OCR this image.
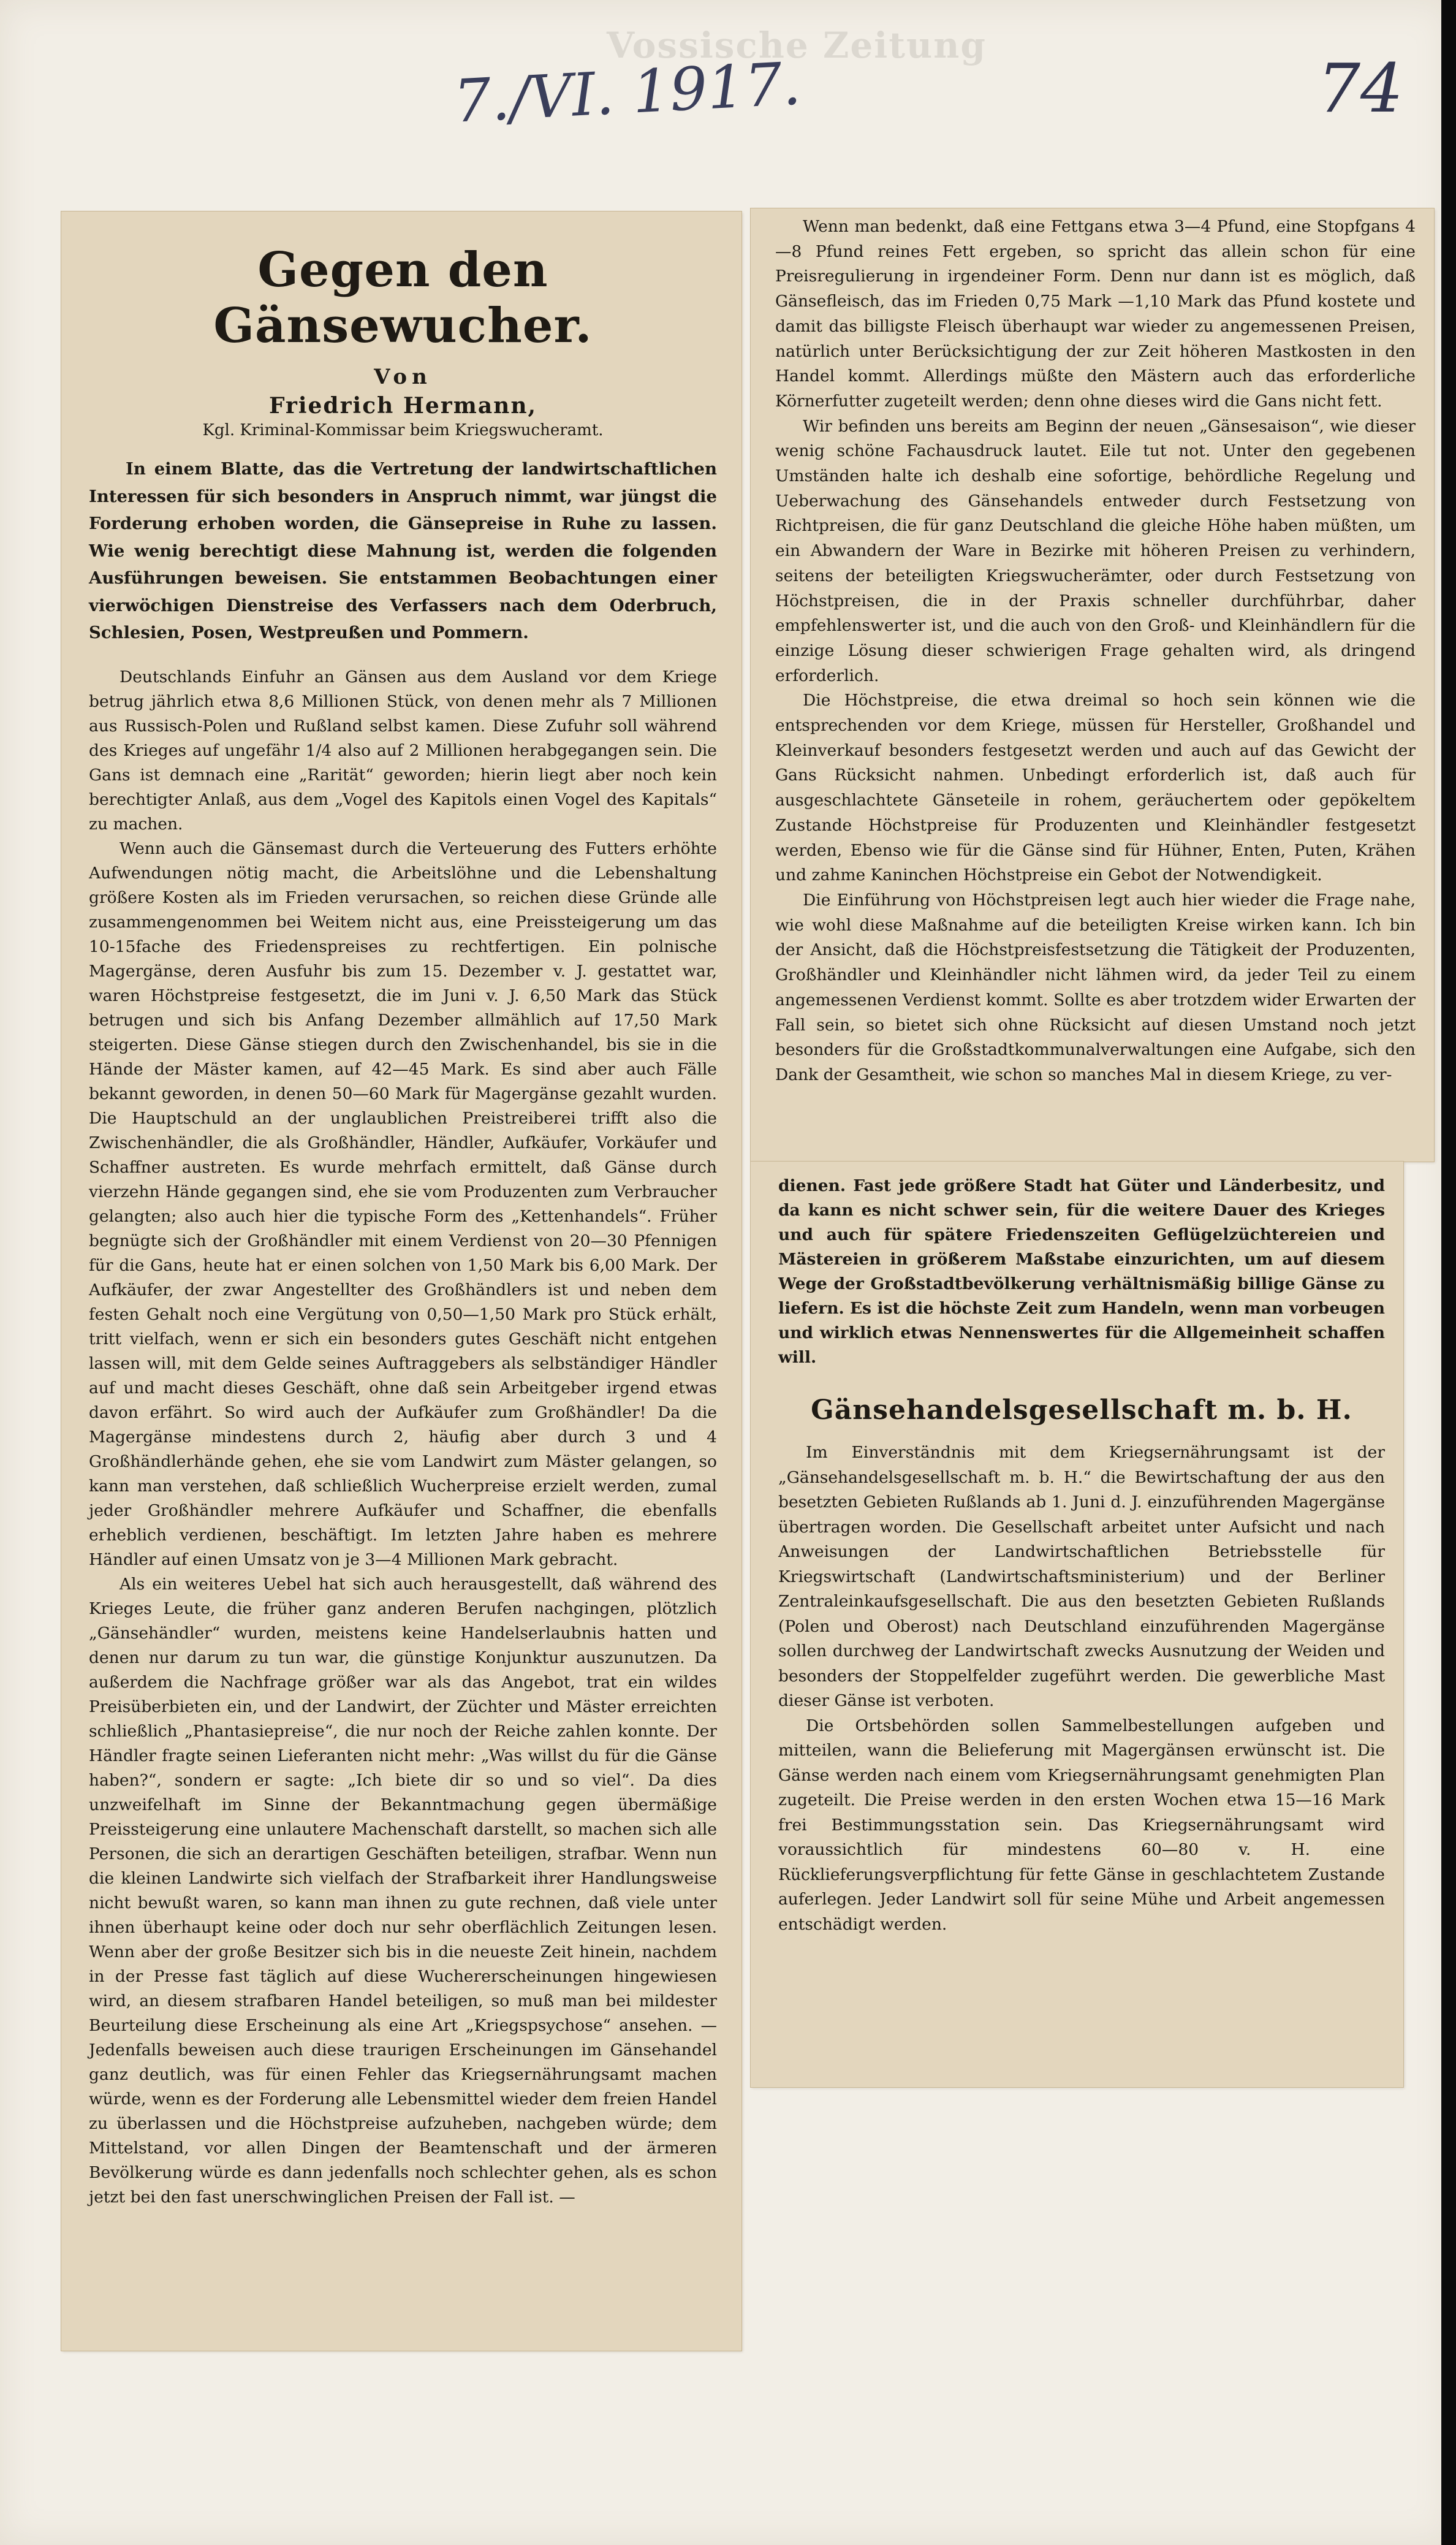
Vossische Zeitung
7./VI. 1917.	74
Gegen den Gänsewucher.
Von
Friedrich Hermann,
Kgl. Kriminal-Kommissar beim Kriegswucheramt.
In einem Blatte, das die Vertretung der landwirtschaftlichen Interessen für sich besonders in Anspruch nimmt, war jüngst die Forderung erhoben worden, die Gänsepreise in Ruhe zu lassen. Wie wenig berechtigt diese Mahnung ist, werden die folgenden Ausführungen beweisen. Sie entstammen Beobachtungen einer vierwöchigen Dienstreise des Verfassers nach dem Oderbruch, Schlesien, Posen, Westpreußen und Pommern.

Deutschlands Einfuhr an Gänsen aus dem Ausland vor dem Kriege betrug jährlich etwa 8,6 Millionen Stück, von denen mehr als 7 Millionen aus Russisch-Polen und Rußland selbst kamen. Diese Zufuhr soll während des Krieges auf ungefähr 1/4 also auf 2 Millionen herabgegangen sein. Die Gans ist demnach eine „Rarität“ geworden; hierin liegt aber noch kein berechtigter Anlaß, aus dem „Vogel des Kapitols einen Vogel des Kapitals“ zu machen.

Wenn auch die Gänsemast durch die Verteuerung des Futters erhöhte Aufwendungen nötig macht, die Arbeitslöhne und die Lebenshaltung größere Kosten als im Frieden verursachen, so reichen diese Gründe alle zusammengenommen bei Weitem nicht aus, eine Preissteigerung um das 10-15fache des Friedenspreises zu rechtfertigen. Ein polnische Magergänse, deren Ausfuhr bis zum 15. Dezember v. J. gestattet war, waren Höchstpreise festgesetzt, die im Juni v. J. 6,50 Mark das Stück betrugen und sich bis Anfang Dezember allmählich auf 17,50 Mark steigerten. Diese Gänse stiegen durch den Zwischenhandel, bis sie in die Hände der Mäster kamen, auf 42—45 Mark. Es sind aber auch Fälle bekannt geworden, in denen 50—60 Mark für Magergänse gezahlt wurden. Die Hauptschuld an der unglaublichen Preistreiberei trifft also die Zwischenhändler, die als Großhändler, Händler, Aufkäufer, Vorkäufer und Schaffner austreten. Es wurde mehrfach ermittelt, daß Gänse durch vierzehn Hände gegangen sind, ehe sie vom Produzenten zum Verbraucher gelangten; also auch hier die typische Form des „Kettenhandels“. Früher begnügte sich der Großhändler mit einem Verdienst von 20—30 Pfennigen für die Gans, heute hat er einen solchen von 1,50 Mark bis 6,00 Mark. Der Aufkäufer, der zwar Angestellter des Großhändlers ist und neben dem festen Gehalt noch eine Vergütung von 0,50—1,50 Mark pro Stück erhält, tritt vielfach, wenn er sich ein besonders gutes Geschäft nicht entgehen lassen will, mit dem Gelde seines Auftraggebers als selbständiger Händler auf und macht dieses Geschäft, ohne daß sein Arbeitgeber irgend etwas davon erfährt. So wird auch der Aufkäufer zum Großhändler! Da die Magergänse mindestens durch 2, häufig aber durch 3 und 4 Großhändlerhände gehen, ehe sie vom Landwirt zum Mäster gelangen, so kann man verstehen, daß schließlich Wucherpreise erzielt werden, zumal jeder Großhändler mehrere Aufkäufer und Schaffner, die ebenfalls erheblich verdienen, beschäftigt. Im letzten Jahre haben es mehrere Händler auf einen Umsatz von je 3—4 Millionen Mark gebracht.

Als ein weiteres Uebel hat sich auch herausgestellt, daß während des Krieges Leute, die früher ganz anderen Berufen nachgingen, plötzlich „Gänsehändler“ wurden, meistens keine Handelserlaubnis hatten und denen nur darum zu tun war, die günstige Konjunktur auszunutzen. Da außerdem die Nachfrage größer war als das Angebot, trat ein wildes Preisüberbieten ein, und der Landwirt, der Züchter und Mäster erreichten schließlich „Phantasiepreise“, die nur noch der Reiche zahlen konnte. Der Händler fragte seinen Lieferanten nicht mehr: „Was willst du für die Gänse haben?“, sondern er sagte: „Ich biete dir so und so viel“. Da dies unzweifelhaft im Sinne der Bekanntmachung gegen übermäßige Preissteigerung eine unlautere Machenschaft darstellt, so machen sich alle Personen, die sich an derartigen Geschäften beteiligen, strafbar. Wenn nun die kleinen Landwirte sich vielfach der Strafbarkeit ihrer Handlungsweise nicht bewußt waren, so kann man ihnen zu gute rechnen, daß viele unter ihnen überhaupt keine oder doch nur sehr oberflächlich Zeitungen lesen. Wenn aber der große Besitzer sich bis in die neueste Zeit hinein, nachdem in der Presse fast täglich auf diese Wuchererscheinungen hingewiesen wird, an diesem strafbaren Handel beteiligen, so muß man bei mildester Beurteilung diese Erscheinung als eine Art „Kriegspsychose“ ansehen. — Jedenfalls beweisen auch diese traurigen Erscheinungen im Gänsehandel ganz deutlich, was für einen Fehler das Kriegsernährungsamt machen würde, wenn es der Forderung alle Lebensmittel wieder dem freien Handel zu überlassen und die Höchstpreise aufzuheben, nachgeben würde; dem Mittelstand, vor allen Dingen der Beamtenschaft und der ärmeren Bevölkerung würde es dann jedenfalls noch schlechter gehen, als es schon jetzt bei den fast unerschwinglichen Preisen der Fall ist. —

Wenn man bedenkt, daß eine Fettgans etwa 3—4 Pfund, eine Stopfgans 4—8 Pfund reines Fett ergeben, so spricht das allein schon für eine Preisregulierung in irgendeiner Form. Denn nur dann ist es möglich, daß Gänsefleisch, das im Frieden 0,75 Mark —1,10 Mark das Pfund kostete und damit das billigste Fleisch überhaupt war wieder zu angemessenen Preisen, natürlich unter Berücksichtigung der zur Zeit höheren Mastkosten in den Handel kommt. Allerdings müßte den Mästern auch das erforderliche Körnerfutter zugeteilt werden; denn ohne dieses wird die Gans nicht fett.

Wir befinden uns bereits am Beginn der neuen „Gänsesaison“, wie dieser wenig schöne Fachausdruck lautet. Eile tut not. Unter den gegebenen Umständen halte ich deshalb eine sofortige, behördliche Regelung und Ueberwachung des Gänsehandels entweder durch Festsetzung von Richtpreisen, die für ganz Deutschland die gleiche Höhe haben müßten, um ein Abwandern der Ware in Bezirke mit höheren Preisen zu verhindern, seitens der beteiligten Kriegswucherämter, oder durch Festsetzung von Höchstpreisen, die in der Praxis schneller durchführbar, daher empfehlenswerter ist, und die auch von den Groß- und Kleinhändlern für die einzige Lösung dieser schwierigen Frage gehalten wird, als dringend erforderlich.

Die Höchstpreise, die etwa dreimal so hoch sein können wie die entsprechenden vor dem Kriege, müssen für Hersteller, Großhandel und Kleinverkauf besonders festgesetzt werden und auch auf das Gewicht der Gans Rücksicht nahmen. Unbedingt erforderlich ist, daß auch für ausgeschlachtete Gänseteile in rohem, geräuchertem oder gepökeltem Zustande Höchstpreise für Produzenten und Kleinhändler festgesetzt werden, Ebenso wie für die Gänse sind für Hühner, Enten, Puten, Krähen und zahme Kaninchen Höchstpreise ein Gebot der Notwendigkeit.

Die Einführung von Höchstpreisen legt auch hier wieder die Frage nahe, wie wohl diese Maßnahme auf die beteiligten Kreise wirken kann. Ich bin der Ansicht, daß die Höchstpreisfestsetzung die Tätigkeit der Produzenten, Großhändler und Kleinhändler nicht lähmen wird, da jeder Teil zu einem angemessenen Verdienst kommt. Sollte es aber trotzdem wider Erwarten der Fall sein, so bietet sich ohne Rücksicht auf diesen Umstand noch jetzt besonders für die Großstadtkommunalverwaltungen eine Aufgabe, sich den Dank der Gesamtheit, wie schon so manches Mal in diesem Kriege, zu ver-

dienen. Fast jede größere Stadt hat Güter und Länderbesitz, und da kann es nicht schwer sein, für die weitere Dauer des Krieges und auch für spätere Friedenszeiten Geflügelzüchtereien und Mästereien in größerem Maßstabe einzurichten, um auf diesem Wege der Großstadtbevölkerung verhältnismäßig billige Gänse zu liefern. Es ist die höchste Zeit zum Handeln, wenn man vorbeugen und wirklich etwas Nennenswertes für die Allgemeinheit schaffen will.
Gänsehandelsgesellschaft m. b. H.

Im Einverständnis mit dem Kriegsernährungsamt ist der „Gänsehandelsgesellschaft m. b. H.“ die Bewirtschaftung der aus den besetzten Gebieten Rußlands ab 1. Juni d. J. einzuführenden Magergänse übertragen worden. Die Gesellschaft arbeitet unter Aufsicht und nach Anweisungen der Landwirtschaftlichen Betriebsstelle für Kriegswirtschaft (Landwirtschaftsministerium) und der Berliner Zentraleinkaufsgesellschaft. Die aus den besetzten Gebieten Rußlands (Polen und Oberost) nach Deutschland einzuführenden Magergänse sollen durchweg der Landwirtschaft zwecks Ausnutzung der Weiden und besonders der Stoppelfelder zugeführt werden. Die gewerbliche Mast dieser Gänse ist verboten.

Die Ortsbehörden sollen Sammelbestellungen aufgeben und mitteilen, wann die Belieferung mit Magergänsen erwünscht ist. Die Gänse werden nach einem vom Kriegsernährungsamt genehmigten Plan zugeteilt. Die Preise werden in den ersten Wochen etwa 15—16 Mark frei Bestimmungsstation sein. Das Kriegsernährungsamt wird voraussichtlich für mindestens 60—80 v. H. eine Rücklieferungsverpflichtung für fette Gänse in geschlachtetem Zustande auferlegen. Jeder Landwirt soll für seine Mühe und Arbeit angemessen entschädigt werden.
